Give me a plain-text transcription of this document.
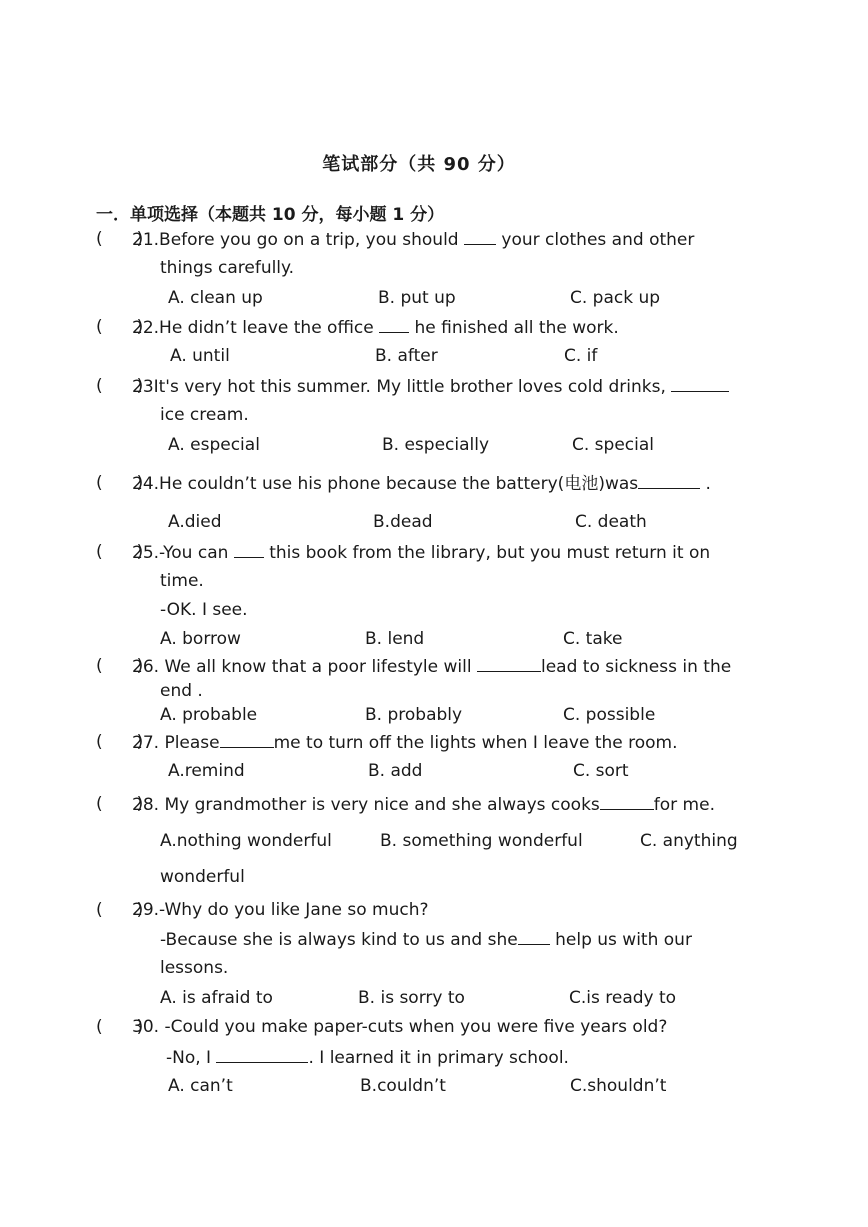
笔试部分（共 90 分）
一．单项选择（本题共 10 分，每小题 1 分）
(　　)
21.Before you go on a trip, you should	your clothes and other
things carefully.
A. clean up	B. put up	C. pack up
(　　)
22.He didn’t leave the office he finished all the work.
A. until	B. after	C. if
(　　)
23It's very hot this summer. My little brother loves cold drinks,
ice cream.
A. especial	B. especially	C. special
(　　)
24.He couldn’t use his phone because the battery(电池)was	.
A.died	B.dead	C. death
(　　)
25.-You can this book from the library, but you must return it on
time.
-OK. I see.
A. borrow	B. lend	C. take
(　　)
26. We all know that a poor lifestyle will	lead to sickness in the
end .
A. probable	B. probably	C. possible
(　　)
27. Please	me to turn off the lights when I leave the room.
A.remind	B. add	C. sort
(　　)
28. My grandmother is very nice and she always cooks	for me.
A.nothing wonderful	B. something wonderful	C. anything
wonderful
(　　)
29.-Why do you like Jane so much?
-Because she is always kind to us and she help us with our
lessons.
A. is afraid to	B. is sorry to	C.is ready to
(　　)
30. -Could you make paper-cuts when you were five years old?
-No, I	. I learned it in primary school.
A. can’t	B.couldn’t	C.shouldn’t
